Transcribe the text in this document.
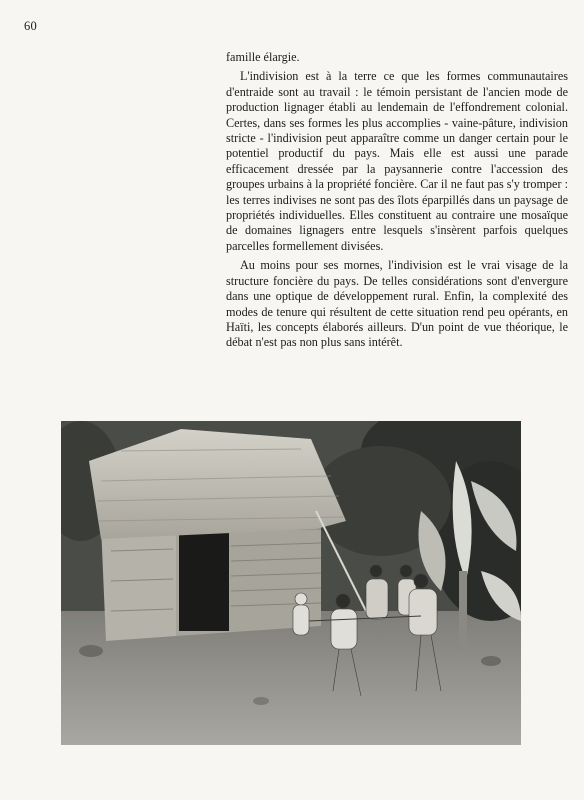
60

famille élargie.

L'indivision est à la terre ce que les formes communautaires d'entraide sont au travail : le témoin persistant de l'ancien mode de production lignager établi au lendemain de l'effondrement colonial. Certes, dans ses formes les plus accomplies - vaine-pâture, indivision stricte - l'indivision peut apparaître comme un danger certain pour le potentiel productif du pays. Mais elle est aussi une parade efficacement dressée par la paysannerie contre l'accession des groupes urbains à la propriété foncière. Car il ne faut pas s'y tromper : les terres indivises ne sont pas des îlots éparpillés dans un paysage de propriétés individuelles. Elles constituent au contraire une mosaïque de domaines lignagers entre lesquels s'insèrent parfois quelques parcelles formellement divisées.

Au moins pour ses mornes, l'indivision est le vrai visage de la structure foncière du pays. De telles considérations sont d'envergure dans une optique de développement rural. Enfin, la complexité des modes de tenure qui résultent de cette situation rend peu opérants, en Haïti, les concepts élaborés ailleurs. D'un point de vue théorique, le débat n'est pas non plus sans intérêt.
